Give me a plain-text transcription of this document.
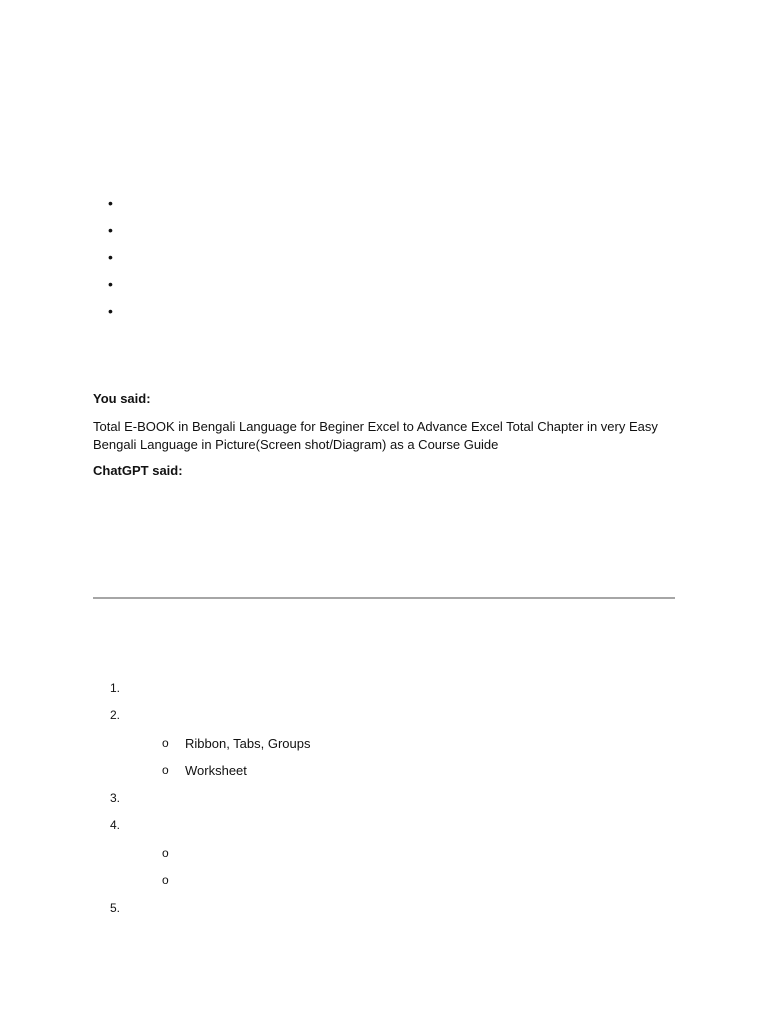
•
•
•
•
•

You said:

Total E-BOOK in Bengali Language for Beginer Excel to Advance Excel Total Chapter in very Easy Bengali Language in Picture(Screen shot/Diagram) as a Course Guide

ChatGPT said:

1.
2.
o	Ribbon, Tabs, Groups
o	Worksheet
3.
4.
o
o
5.
